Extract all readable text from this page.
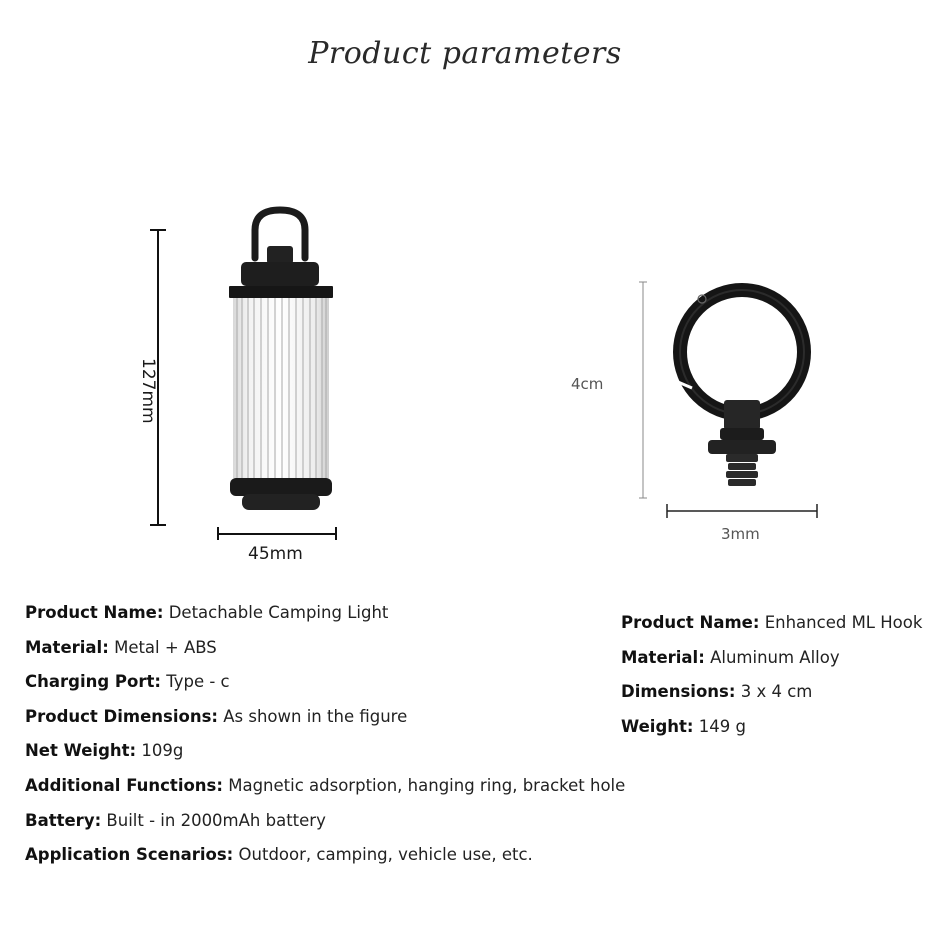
Product parameters
127mm
45mm
4cm
3mm
Product Name: Detachable Camping Light
Material: Metal + ABS
Charging Port: Type - c
Product Dimensions: As shown in the figure
Net Weight: 109g
Additional Functions: Magnetic adsorption, hanging ring, bracket hole
Battery: Built - in 2000mAh battery
Application Scenarios: Outdoor, camping, vehicle use, etc.
Product Name: Enhanced ML Hook
Material: Aluminum Alloy
Dimensions: 3 x 4 cm
Weight: 149 g
